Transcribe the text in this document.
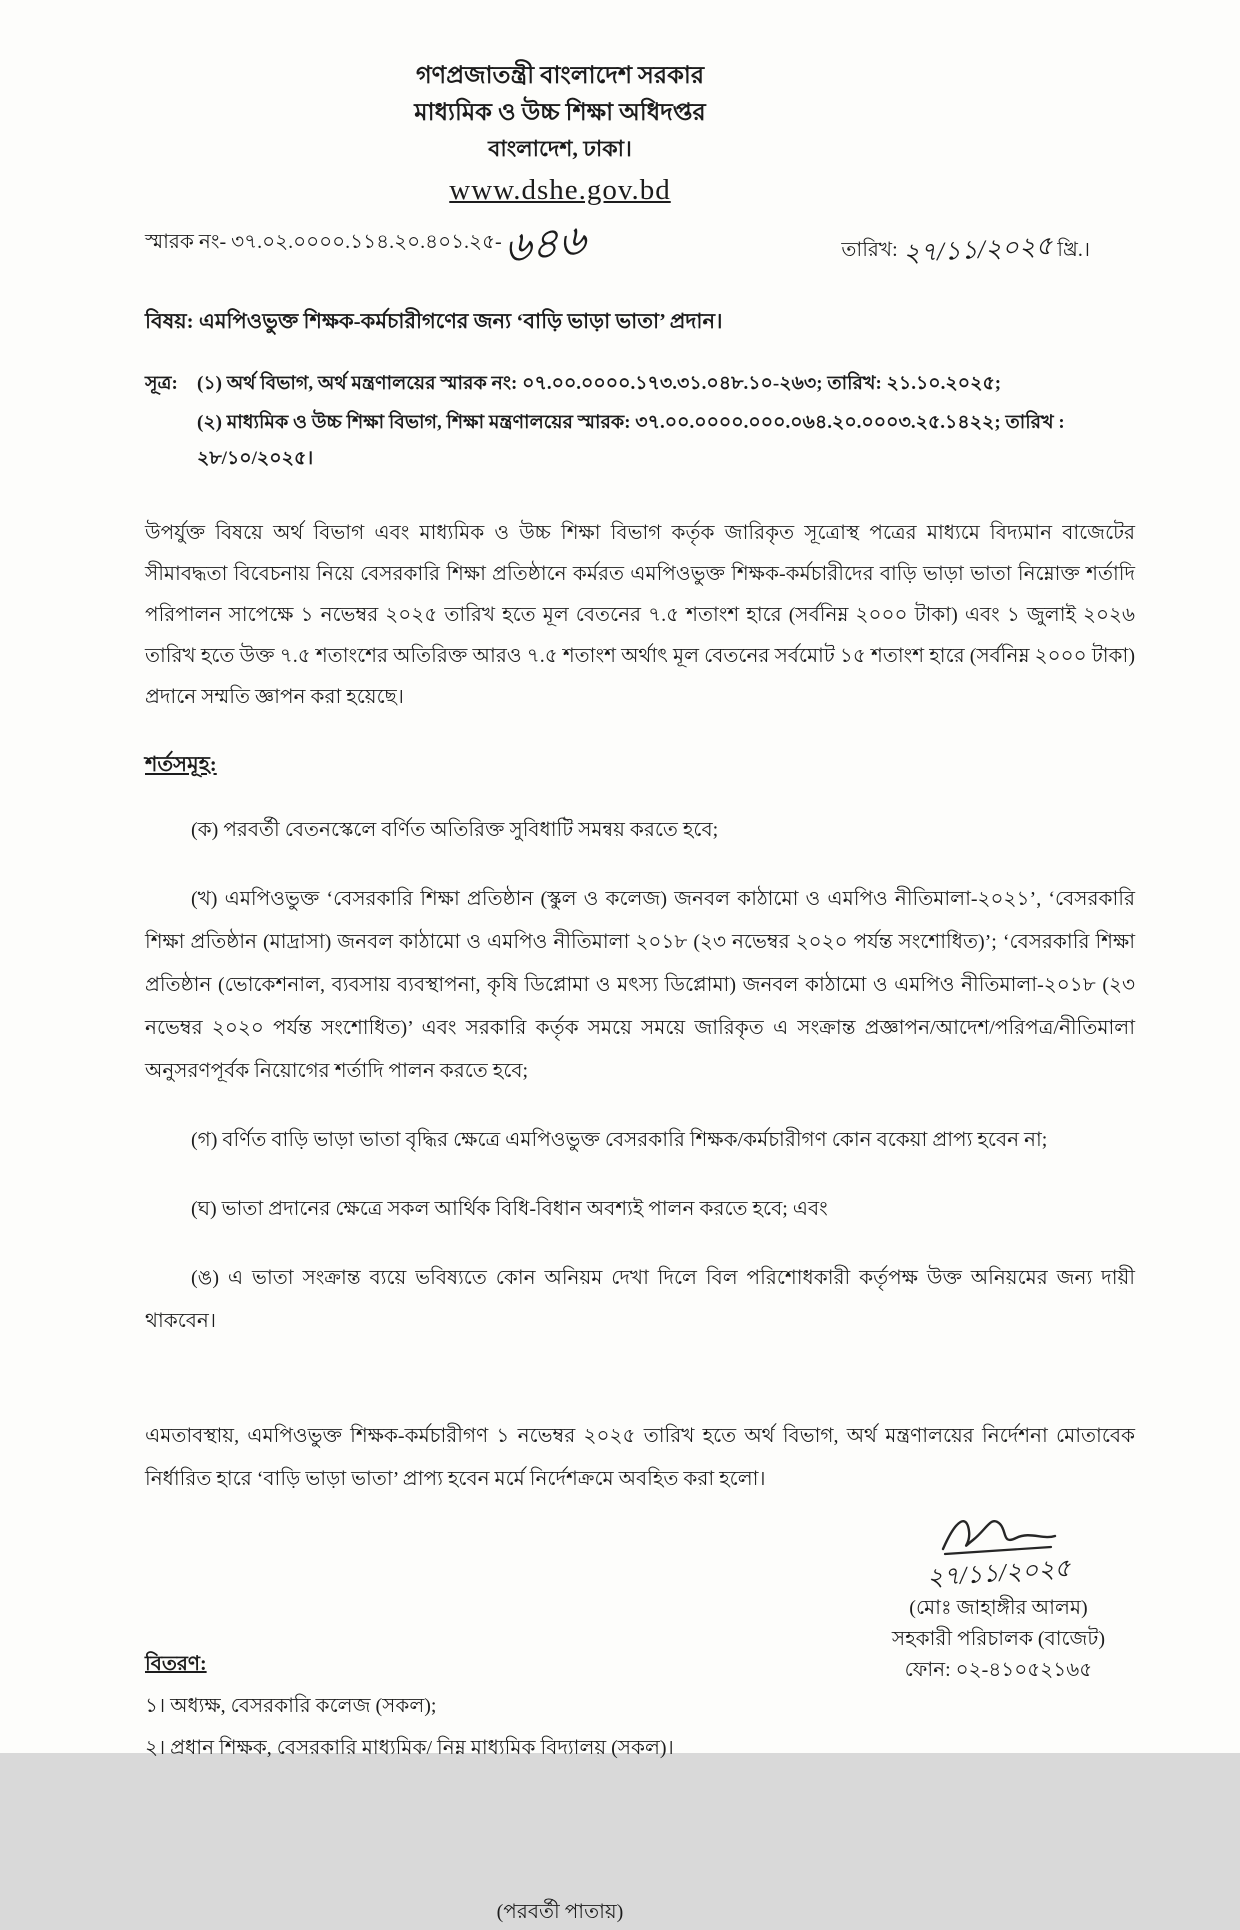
গণপ্রজাতন্ত্রী বাংলাদেশ সরকার
মাধ্যমিক ও উচ্চ শিক্ষা অধিদপ্তর
বাংলাদেশ, ঢাকা।
www.dshe.gov.bd
স্মারক নং- ৩৭.০২.০০০০.১১৪.২০.৪০১.২৫-৬৪৬	তারিখ: ২৭/১১/২০২৫ খ্রি.।

বিষয়: এমপিওভুক্ত শিক্ষক-কর্মচারীগণের জন্য ‘বাড়ি ভাড়া ভাতা’ প্রদান।

সূত্র:	(১) অর্থ বিভাগ, অর্থ মন্ত্রণালয়ের স্মারক নং: ০৭.০০.০০০০.১৭৩.৩১.০৪৮.১০-২৬৩; তারিখ: ২১.১০.২০২৫;

(২) মাধ্যমিক ও উচ্চ শিক্ষা বিভাগ, শিক্ষা মন্ত্রণালয়ের স্মারক: ৩৭.০০.০০০০.০০০.০৬৪.২০.০০০৩.২৫.১৪২২; তারিখ : ২৮/১০/২০২৫।

উপর্যুক্ত বিষয়ে অর্থ বিভাগ এবং মাধ্যমিক ও উচ্চ শিক্ষা বিভাগ কর্তৃক জারিকৃত সূত্রোস্থ পত্রের মাধ্যমে বিদ্যমান বাজেটের সীমাবদ্ধতা বিবেচনায় নিয়ে বেসরকারি শিক্ষা প্রতিষ্ঠানে কর্মরত এমপিওভুক্ত শিক্ষক-কর্মচারীদের বাড়ি ভাড়া ভাতা নিম্নোক্ত শর্তাদি পরিপালন সাপেক্ষে ১ নভেম্বর ২০২৫ তারিখ হতে মূল বেতনের ৭.৫ শতাংশ হারে (সর্বনিম্ন ২০০০ টাকা) এবং ১ জুলাই ২০২৬ তারিখ হতে উক্ত ৭.৫ শতাংশের অতিরিক্ত আরও ৭.৫ শতাংশ অর্থাৎ মূল বেতনের সর্বমোট ১৫ শতাংশ হারে (সর্বনিম্ন ২০০০ টাকা) প্রদানে সম্মতি জ্ঞাপন করা হয়েছে।

শর্তসমূহ:

(ক) পরবর্তী বেতনস্কেলে বর্ণিত অতিরিক্ত সুবিধাটি সমন্বয় করতে হবে;

(খ) এমপিওভুক্ত ‘বেসরকারি শিক্ষা প্রতিষ্ঠান (স্কুল ও কলেজ) জনবল কাঠামো ও এমপিও নীতিমালা-২০২১’, ‘বেসরকারি শিক্ষা প্রতিষ্ঠান (মাদ্রাসা) জনবল কাঠামো ও এমপিও নীতিমালা ২০১৮ (২৩ নভেম্বর ২০২০ পর্যন্ত সংশোধিত)’; ‘বেসরকারি শিক্ষা প্রতিষ্ঠান (ভোকেশনাল, ব্যবসায় ব্যবস্থাপনা, কৃষি ডিপ্লোমা ও মৎস্য ডিপ্লোমা) জনবল কাঠামো ও এমপিও নীতিমালা-২০১৮ (২৩ নভেম্বর ২০২০ পর্যন্ত সংশোধিত)’ এবং সরকারি কর্তৃক সময়ে সময়ে জারিকৃত এ সংক্রান্ত প্রজ্ঞাপন/আদেশ/পরিপত্র/নীতিমালা অনুসরণপূর্বক নিয়োগের শর্তাদি পালন করতে হবে;

(গ) বর্ণিত বাড়ি ভাড়া ভাতা বৃদ্ধির ক্ষেত্রে এমপিওভুক্ত বেসরকারি শিক্ষক/কর্মচারীগণ কোন বকেয়া প্রাপ্য হবেন না;

(ঘ) ভাতা প্রদানের ক্ষেত্রে সকল আর্থিক বিধি-বিধান অবশ্যই পালন করতে হবে; এবং

(ঙ) এ ভাতা সংক্রান্ত ব্যয়ে ভবিষ্যতে কোন অনিয়ম দেখা দিলে বিল পরিশোধকারী কর্তৃপক্ষ উক্ত অনিয়মের জন্য দায়ী থাকবেন।

এমতাবস্থায়, এমপিওভুক্ত শিক্ষক-কর্মচারীগণ ১ নভেম্বর ২০২৫ তারিখ হতে অর্থ বিভাগ, অর্থ মন্ত্রণালয়ের নির্দেশনা মোতাবেক নির্ধারিত হারে ‘বাড়ি ভাড়া ভাতা’ প্রাপ্য হবেন মর্মে নির্দেশক্রমে অবহিত করা হলো।

২৭/১১/২০২৫
(মোঃ জাহাঙ্গীর আলম)
সহকারী পরিচালক (বাজেট)
ফোন: ০২-৪১০৫২১৬৫
বিতরণ:

১। অধ্যক্ষ, বেসরকারি কলেজ (সকল);

২। প্রধান শিক্ষক, বেসরকারি মাধ্যমিক/ নিম্ন মাধ্যমিক বিদ্যালয় (সকল)।

(পরবর্তী পাতায়)
